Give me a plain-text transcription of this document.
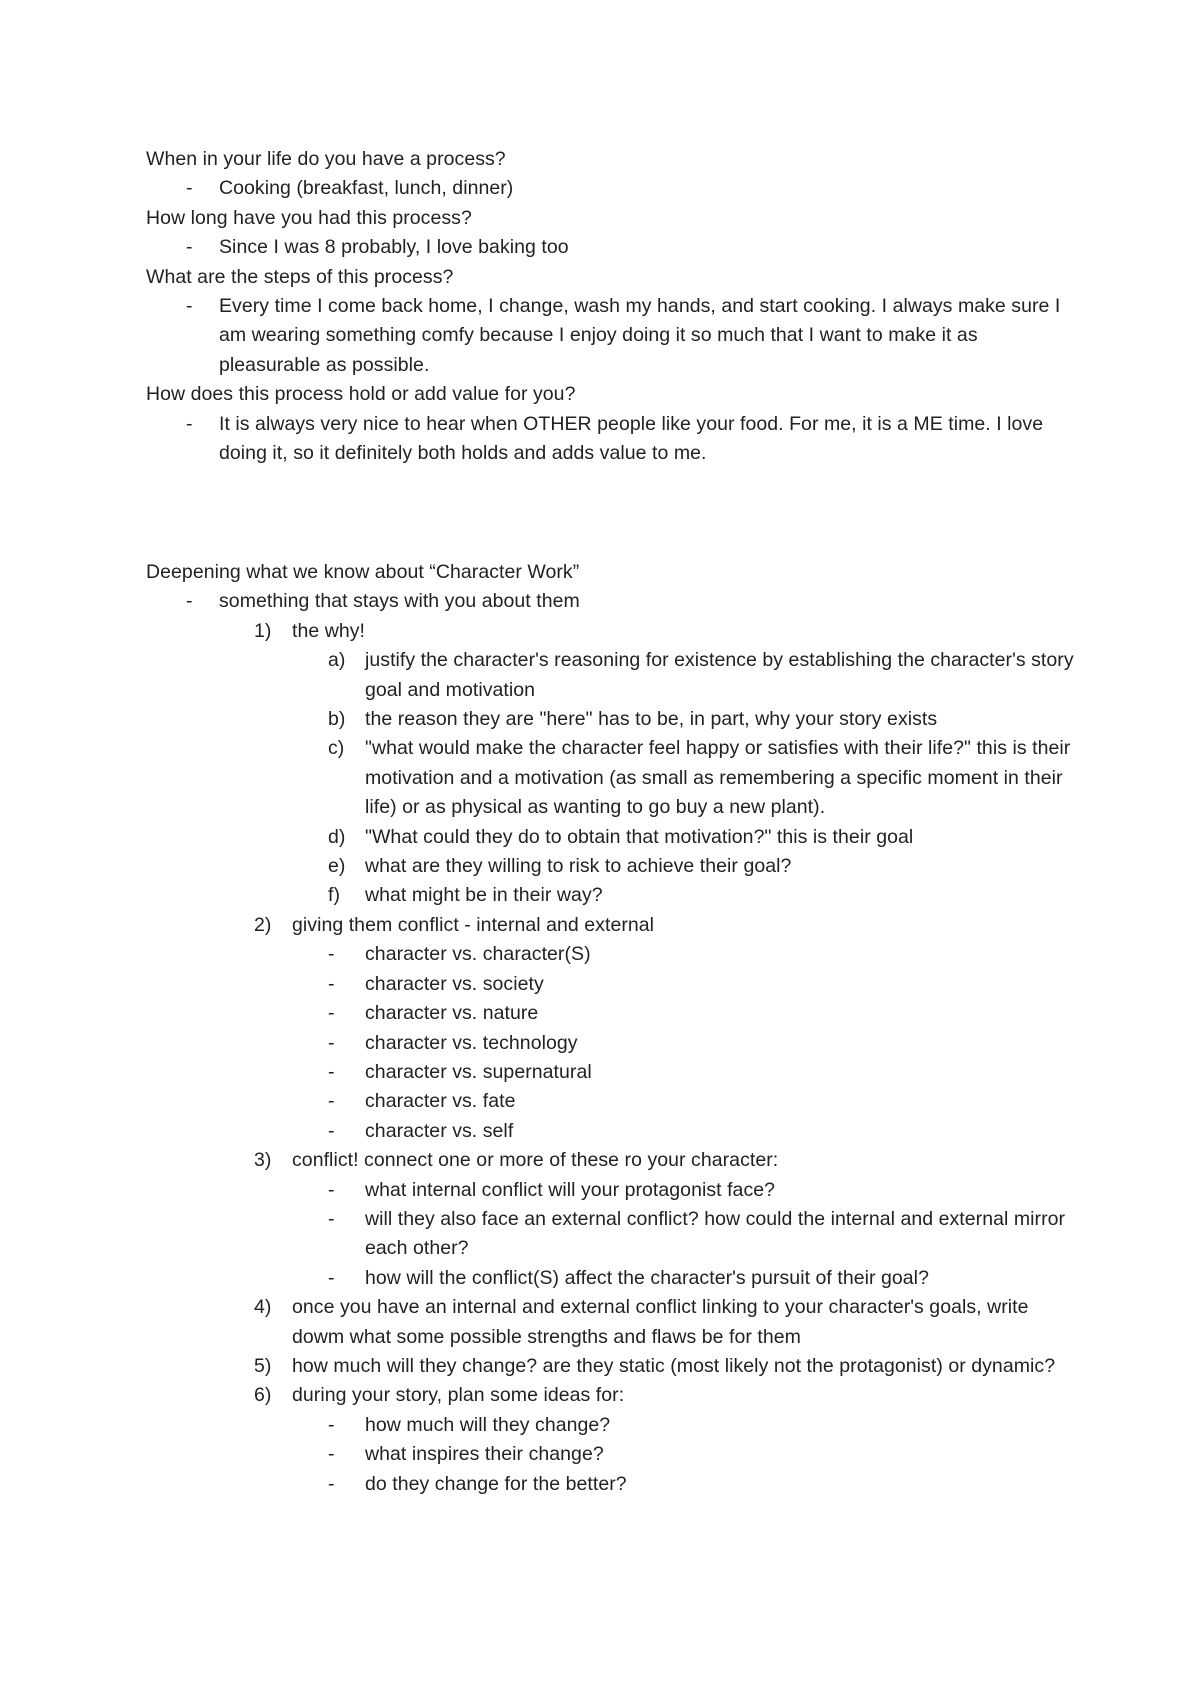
When in your life do you have a process?

- Cooking (breakfast, lunch, dinner)

How long have you had this process?

- Since I was 8 probably, I love baking too

What are the steps of this process?

- Every time I come back home, I change, wash my hands, and start cooking. I always make sure I am wearing something comfy because I enjoy doing it so much that I want to make it as pleasurable as possible.

How does this process hold or add value for you?

- It is always very nice to hear when OTHER people like your food. For me, it is a ME time. I love doing it, so it definitely both holds and adds value to me.

Deepening what we know about “Character Work”

- something that stays with you about them
1) the why!
a) justify the character's reasoning for existence by establishing the character's story goal and motivation
b) the reason they are "here" has to be, in part, why your story exists
c) "what would make the character feel happy or satisfies with their life?" this is their motivation and a motivation (as small as remembering a specific moment in their life) or as physical as wanting to go buy a new plant).
d) "What could they do to obtain that motivation?" this is their goal
e) what are they willing to risk to achieve their goal?
f) what might be in their way?
2) giving them conflict - internal and external
- character vs. character(S)
- character vs. society
- character vs. nature
- character vs. technology
- character vs. supernatural
- character vs. fate
- character vs. self
3) conflict! connect one or more of these ro your character:
- what internal conflict will your protagonist face?
- will they also face an external conflict? how could the internal and external mirror each other?
- how will the conflict(S) affect the character's pursuit of their goal?
4) once you have an internal and external conflict linking to your character's goals, write dowm what some possible strengths and flaws be for them
5) how much will they change? are they static (most likely not the protagonist) or dynamic?
6) during your story, plan some ideas for:
- how much will they change?
- what inspires their change?
- do they change for the better?
